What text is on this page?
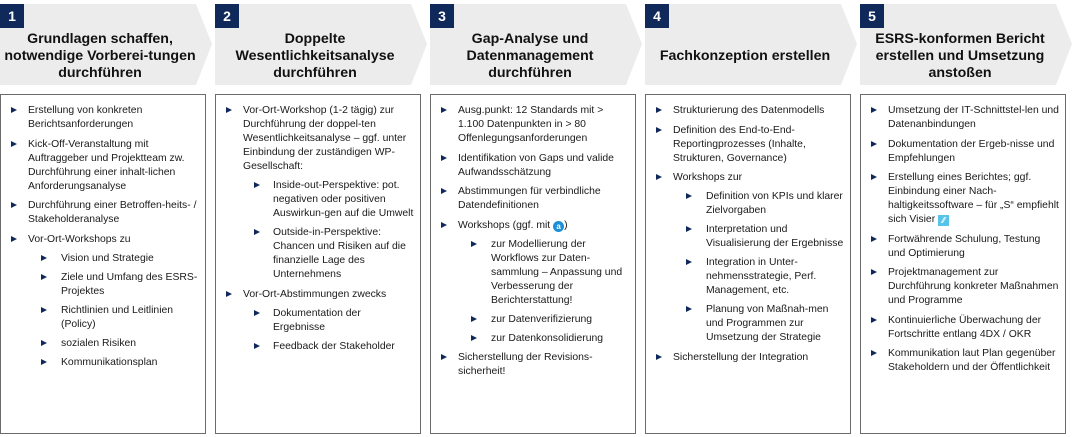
1
Grundlagen schaffen, notwendige Vorberei-tungen durchführen
Erstellung von konkreten Berichtsanforderungen
Kick-Off-Veranstaltung mit Auftraggeber und Projektteam zw. Durchführung einer inhalt-lichen Anforderungsanalyse
Durchführung einer Betroffen-heits- / Stakeholderanalyse
Vor-Ort-Workshops zu
Vision und Strategie
Ziele und Umfang des ESRS-Projektes
Richtlinien und Leitlinien (Policy)
sozialen Risiken
Kommunikationsplan
2
Doppelte Wesentlichkeitsanalyse durchführen
Vor-Ort-Workshop (1-2 tägig) zur Durchführung der doppel-ten Wesentlichkeitsanalyse – ggf. unter Einbindung der zuständigen WP-Gesellschaft:
Inside-out-Perspektive: pot. negativen oder positiven Auswirkun-gen auf die Umwelt
Outside-in-Perspektive: Chancen und Risiken auf die finanzielle Lage des Unternehmens
Vor-Ort-Abstimmungen zwecks
Dokumentation der Ergebnisse
Feedback der Stakeholder
3
Gap-Analyse und Datenmanagement durchführen
Ausg.punkt: 12 Standards mit > 1.100 Datenpunkten in > 80 Offenlegungsanforderungen
Identifikation von Gaps und valide Aufwandsschätzung
Abstimmungen für verbindliche Datendefinitionen
Workshops (ggf. mit a )
zur Modellierung der Workflows zur Daten-sammlung – Anpassung und Verbesserung der Berichterstattung!
zur Datenverifizierung
zur Datenkonsolidierung
Sicherstellung der Revisions-sicherheit!
4
Fachkonzeption erstellen
Strukturierung des Datenmodells
Definition des End-to-End-Reportingprozesses (Inhalte, Strukturen, Governance)
Workshops zur
Definition von KPIs und klarer Zielvorgaben
Interpretation und Visualisierung der Ergebnisse
Integration in Unter-nehmensstrategie, Perf. Management, etc.
Planung von Maßnah-men und Programmen zur Umsetzung der Strategie
Sicherstellung der Integration
5
ESRS-konformen Bericht erstellen und Umsetzung anstoßen
Umsetzung der IT-Schnittstel-len und Datenanbindungen
Dokumentation der Ergeb-nisse und Empfehlungen
Erstellung eines Berichtes; ggf. Einbindung einer Nach-haltigkeitssoftware – für „S“ empfiehlt sich Visier ⁄⁄
Fortwährende Schulung, Testung und Optimierung
Projektmanagement zur Durchführung konkreter Maßnahmen und Programme
Kontinuierliche Überwachung der Fortschritte entlang 4DX / OKR
Kommunikation laut Plan gegenüber Stakeholdern und der Öffentlichkeit
